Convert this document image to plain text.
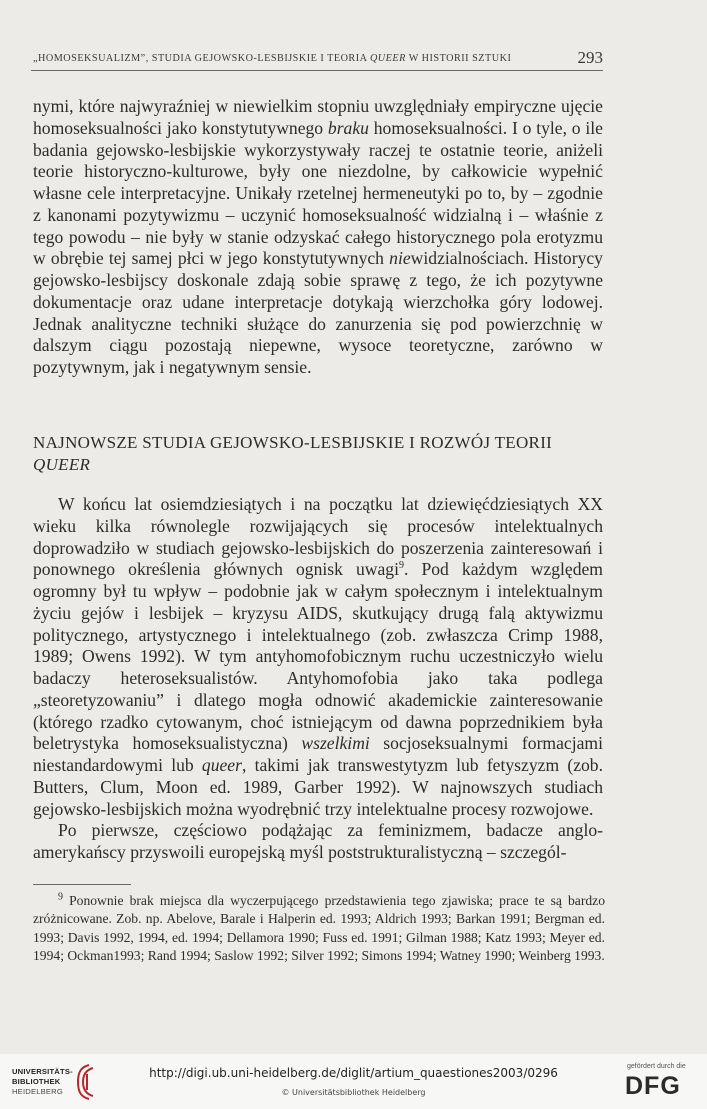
„HOMOSEKSUALIZM”, STUDIA GEJOWSKO-LESBIJSKIE I TEORIA QUEER W HISTORII SZTUKI	293

nymi, które najwyraźniej w niewielkim stopniu uwzględniały empiryczne ujęcie homoseksualności jako konstytutywnego braku homoseksualności. I o tyle, o ile badania gejowsko-lesbijskie wykorzystywały raczej te ostatnie teorie, aniżeli teorie historyczno-kulturowe, były one niezdolne, by całkowicie wypełnić własne cele interpretacyjne. Unikały rzetelnej hermeneutyki po to, by – zgodnie z kanonami pozytywizmu – uczynić homoseksualność widzialną i – właśnie z tego powodu – nie były w stanie odzyskać całego historycznego pola erotyzmu w obrębie tej samej płci w jego konstytutywnych niewidzialnościach. Historycy gejowsko-lesbijscy doskonale zdają sobie sprawę z tego, że ich pozytywne dokumentacje oraz udane interpretacje dotykają wierzchołka góry lodowej. Jednak analityczne techniki służące do zanurzenia się pod powierzchnię w dalszym ciągu pozostają niepewne, wysoce teoretyczne, zarówno w pozytywnym, jak i negatywnym sensie.

NAJNOWSZE STUDIA GEJOWSKO-LESBIJSKIE I ROZWÓJ TEORII
QUEER

W końcu lat osiemdziesiątych i na początku lat dziewięćdziesiątych XX wieku kilka równolegle rozwijających się procesów intelektualnych doprowadziło w studiach gejowsko-lesbijskich do poszerzenia zainteresowań i ponownego określenia głównych ognisk uwagi$^9$. Pod każdym względem ogromny był tu wpływ – podobnie jak w całym społecznym i intelektualnym życiu gejów i lesbijek – kryzysu AIDS, skutkujący drugą falą aktywizmu politycznego, artystycznego i intelektualnego (zob. zwłaszcza Crimp 1988, 1989; Owens 1992). W tym antyhomofobicznym ruchu uczestniczyło wielu badaczy heteroseksualistów. Antyhomofobia jako taka podlega „steoretyzowaniu” i dlatego mogła odnowić akademickie zainteresowanie (którego rzadko cytowanym, choć istniejącym od dawna poprzednikiem była beletrystyka homoseksualistyczna) wszelkimi socjoseksualnymi formacjami niestandardowymi lub queer, takimi jak transwestytyzm lub fetyszyzm (zob. Butters, Clum, Moon ed. 1989, Garber 1992). W najnowszych studiach gejowsko-lesbijskich można wyodrębnić trzy intelektualne procesy rozwojowe.

Po pierwsze, częściowo podążając za feminizmem, badacze anglo-amerykańscy przyswoili europejską myśl poststrukturalistyczną – szczegól-

$^9$ Ponownie brak miejsca dla wyczerpującego przedstawienia tego zjawiska; prace te są bardzo zróżnicowane. Zob. np. Abelove, Barale i Halperin ed. 1993; Aldrich 1993; Barkan 1991; Bergman ed. 1993; Davis 1992, 1994, ed. 1994; Dellamora 1990; Fuss ed. 1991; Gilman 1988; Katz 1993; Meyer ed. 1994; Ockman1993; Rand 1994; Saslow 1992; Silver 1992; Simons 1994; Watney 1990; Weinberg 1993.

UNIVERSITÄTS-
BIBLIOTHEK
HEIDELBERG
http://digi.ub.uni-heidelberg.de/diglit/artium_quaestiones2003/0296
© Universitätsbibliothek Heidelberg
gefördert durch die
DFG
